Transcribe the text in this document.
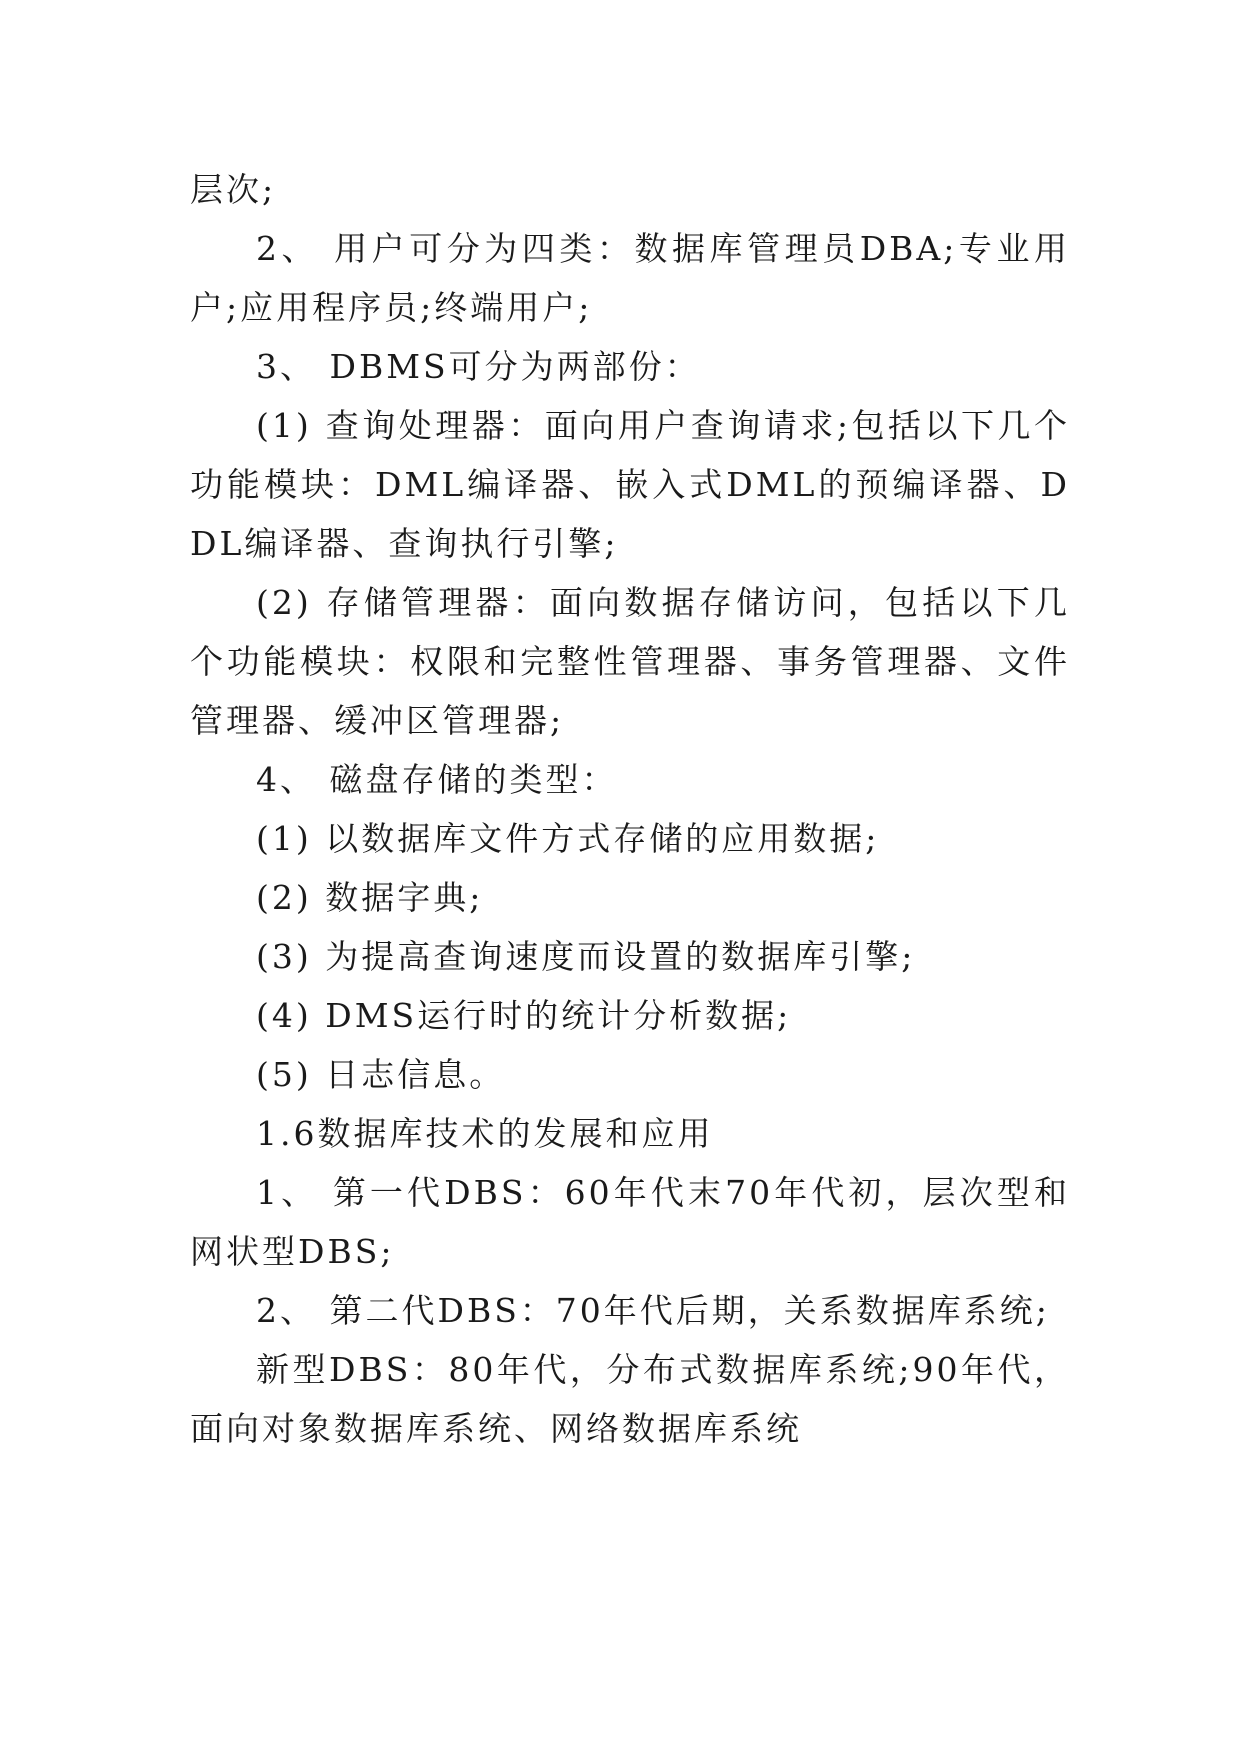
层次;

2、 用户可分为四类：数据库管理员DBA;专业用户;应用程序员;终端用户;

3、 DBMS可分为两部份：

(1) 查询处理器：面向用户查询请求;包括以下几个功能模块：DML编译器、嵌入式DML的预编译器、DDL编译器、查询执行引擎;

(2) 存储管理器：面向数据存储访问，包括以下几个功能模块：权限和完整性管理器、事务管理器、文件管理器、缓冲区管理器;

4、 磁盘存储的类型：

(1) 以数据库文件方式存储的应用数据;

(2) 数据字典;

(3) 为提高查询速度而设置的数据库引擎;

(4) DMS运行时的统计分析数据;

(5) 日志信息。

1.6数据库技术的发展和应用

1、 第一代DBS：60年代末70年代初，层次型和网状型DBS;

2、 第二代DBS：70年代后期，关系数据库系统;

新型DBS：80年代，分布式数据库系统;90年代，面向对象数据库系统、网络数据库系统
